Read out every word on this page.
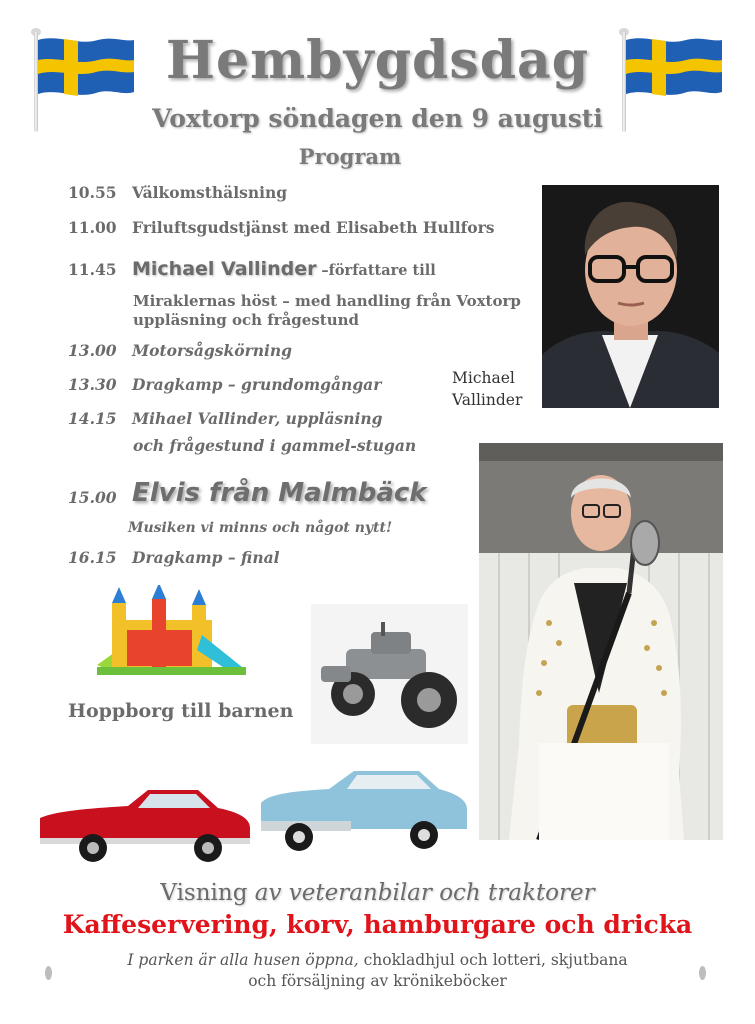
Hembygdsdag
Voxtorp söndagen den 9 augusti
Program
10.55 Välkomsthälsning
11.00 Friluftsgudstjänst med Elisabeth Hullfors
11.45 Michael Vallinder –författare till
Miraklernas höst – med handling från Voxtorp
uppläsning och frågestund
13.00 Motorsågskörning
13.30 Dragkamp – grundomgångar
14.15 Mihael Vallinder, uppläsning
och frågestund i gammel-stugan
15.00 Elvis från Malmbäck
Musiken vi minns och något nytt!
16.15 Dragkamp – final
Michael
Vallinder
Hoppborg till barnen
Visning av veteranbilar och traktorer
Kaffeservering, korv, hamburgare och dricka
I parken är alla husen öppna, chokladhjul och lotteri, skjutbana
och försäljning av krönikeböcker
